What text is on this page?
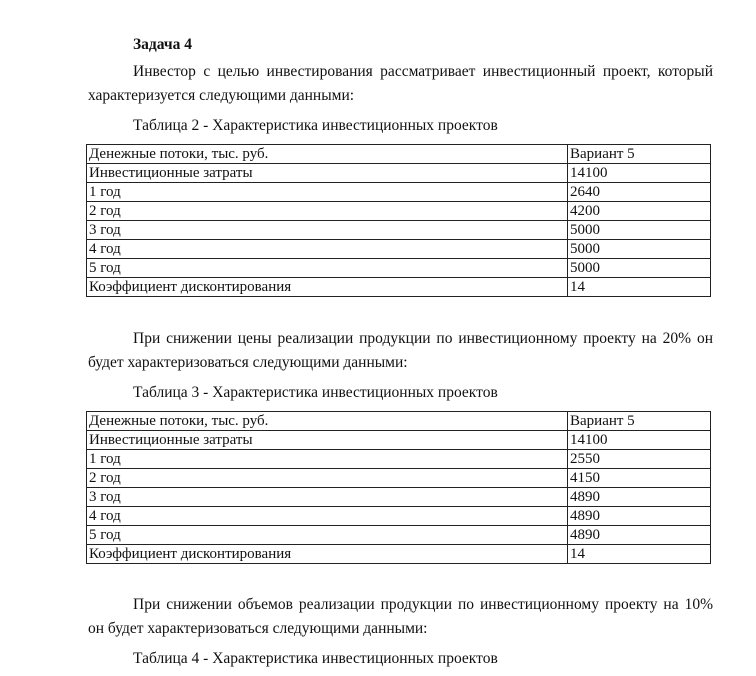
Задача 4
Инвестор с целью инвестирования рассматривает инвестиционный проект, который характеризуется следующими данными:
Таблица 2 - Характеристика инвестиционных проектов
Денежные потоки, тыс. руб.	Вариант 5
Инвестиционные затраты	14100
1 год	2640
2 год	4200
3 год	5000
4 год	5000
5 год	5000
Коэффициент дисконтирования	14
При снижении цены реализации продукции по инвестиционному проекту на 20% он будет характеризоваться следующими данными:
Таблица 3 - Характеристика инвестиционных проектов
Денежные потоки, тыс. руб.	Вариант 5
Инвестиционные затраты	14100
1 год	2550
2 год	4150
3 год	4890
4 год	4890
5 год	4890
Коэффициент дисконтирования	14
При снижении объемов реализации продукции по инвестиционному проекту на 10% он будет характеризоваться следующими данными:
Таблица 4 - Характеристика инвестиционных проектов
